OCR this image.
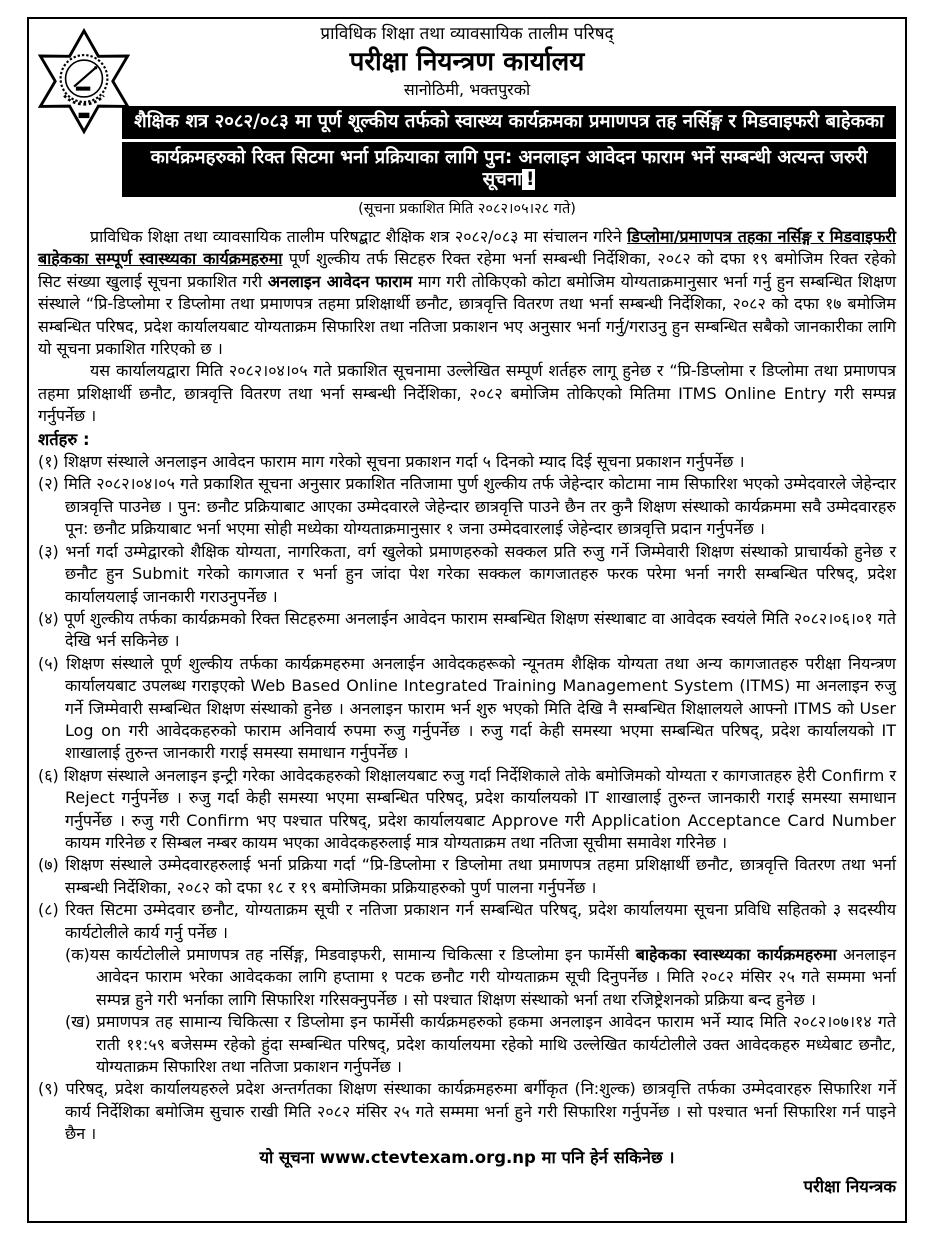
प्राविधिक शिक्षा तथा व्यावसायिक तालीम परिषद्
परीक्षा नियन्त्रण कार्यालय
सानोठिमी, भक्तपुरको
शैक्षिक शत्र २०८२/०८३ मा पूर्ण शूल्कीय तर्फको स्वास्थ्य कार्यक्रमका प्रमाणपत्र तह नर्सिङ्ग र मिडवाइफरी बाहेकका
कार्यक्रमहरुको रिक्त सिटमा भर्ना प्रक्रियाका लागि पुन: अनलाइन आवेदन फाराम भर्ने सम्बन्धी अत्यन्त जरुरी सूचना !
(सूचना प्रकाशित मिति २०८२।०५।२८ गते)

प्राविधिक शिक्षा तथा व्यावसायिक तालीम परिषद्बाट शैक्षिक शत्र २०८२/०८३ मा संचालन गरिने डिप्लोमा/प्रमाणपत्र तहका नर्सिङ्ग र मिडवाइफरी बाहेकका सम्पूर्ण स्वास्थ्यका कार्यक्रमहरुमा पूर्ण शुल्कीय तर्फ सिटहरु रिक्त रहेमा भर्ना सम्बन्धी निर्देशिका, २०८२ को दफा १९ बमोजिम रिक्त रहेको सिट संख्या खुलाई सूचना प्रकाशित गरी अनलाइन आवेदन फाराम माग गरी तोकिएको कोटा बमोजिम योग्यताक्रमानुसार भर्ना गर्नु हुन सम्बन्धित शिक्षण संस्थाले “प्रि-डिप्लोमा र डिप्लोमा तथा प्रमाणपत्र तहमा प्रशिक्षार्थी छनौट, छात्रवृत्ति वितरण तथा भर्ना सम्बन्धी निर्देशिका, २०८२ को दफा १७ बमोजिम सम्बन्धित परिषद, प्रदेश कार्यालयबाट योग्यताक्रम सिफारिश तथा नतिजा प्रकाशन भए अनुसार भर्ना गर्नु/गराउनु हुन सम्बन्धित सबैको जानकारीका लागि यो सूचना प्रकाशित गरिएको छ ।

यस कार्यालयद्वारा मिति २०८२।०४।०५ गते प्रकाशित सूचनामा उल्लेखित सम्पूर्ण शर्तहरु लागू हुनेछ र “प्रि-डिप्लोमा र डिप्लोमा तथा प्रमाणपत्र तहमा प्रशिक्षार्थी छनौट, छात्रवृत्ति वितरण तथा भर्ना सम्बन्धी निर्देशिका, २०८२ बमोजिम तोकिएको मितिमा ITMS Online Entry गरी सम्पन्न गर्नुपर्नेछ ।

शर्तहरु :

(१) शिक्षण संस्थाले अनलाइन आवेदन फाराम माग गरेको सूचना प्रकाशन गर्दा ५ दिनको म्याद दिई सूचना प्रकाशन गर्नुपर्नेछ ।

(२) मिति २०८२।०४।०५ गते प्रकाशित सूचना अनुसार प्रकाशित नतिजामा पुर्ण शुल्कीय तर्फ जेहेन्दार कोटामा नाम सिफारिश भएको उम्मेदवारले जेहेन्दार छात्रवृत्ति पाउनेछ । पुन: छनौट प्रक्रियाबाट आएका उम्मेदवारले जेहेन्दार छात्रवृत्ति पाउने छैन तर कुनै शिक्षण संस्थाको कार्यक्रममा सवै उम्मेदवारहरु पून: छनौट प्रक्रियाबाट भर्ना भएमा सोही मध्येका योग्यताक्रमानुसार १ जना उम्मेदवारलाई जेहेन्दार छात्रवृत्ति प्रदान गर्नुपर्नेछ ।

(३) भर्ना गर्दा उम्मेद्वारको शैक्षिक योग्यता, नागरिकता, वर्ग खुलेको प्रमाणहरुको सक्कल प्रति रुजु गर्ने जिम्मेवारी शिक्षण संस्थाको प्राचार्यको हुनेछ र छनौट हुन Submit गरेको कागजात र भर्ना हुन जांदा पेश गरेका सक्कल कागजातहरु फरक परेमा भर्ना नगरी सम्बन्धित परिषद्, प्रदेश कार्यालयलाई जानकारी गराउनुपर्नेछ ।

(४) पूर्ण शुल्कीय तर्फका कार्यक्रमको रिक्त सिटहरुमा अनलाईन आवेदन फाराम सम्बन्धित शिक्षण संस्थाबाट वा आवेदक स्वयंले मिति २०८२।०६।०१ गते देखि भर्न सकिनेछ ।

(५) शिक्षण संस्थाले पूर्ण शुल्कीय तर्फका कार्यक्रमहरुमा अनलाईन आवेदकहरूको न्यूनतम शैक्षिक योग्यता तथा अन्य कागजातहरु परीक्षा नियन्त्रण कार्यालयबाट उपलब्ध गराइएको Web Based Online Integrated Training Management System (ITMS) मा अनलाइन रुजु गर्ने जिम्मेवारी सम्बन्धित शिक्षण संस्थाको हुनेछ । अनलाइन फाराम भर्न शुरु भएको मिति देखि नै सम्बन्धित शिक्षालयले आफ्नो ITMS को User Log on गरी आवेदकहरुको फाराम अनिवार्य रुपमा रुजु गर्नुपर्नेछ । रुजु गर्दा केही समस्या भएमा सम्बन्धित परिषद्, प्रदेश कार्यालयको IT शाखालाई तुरुन्त जानकारी गराई समस्या समाधान गर्नुपर्नेछ ।

(६) शिक्षण संस्थाले अनलाइन इन्ट्री गरेका आवेदकहरुको शिक्षालयबाट रुजु गर्दा निर्देशिकाले तोके बमोजिमको योग्यता र कागजातहरु हेरी Confirm र Reject गर्नुपर्नेछ । रुजु गर्दा केही समस्या भएमा सम्बन्धित परिषद्, प्रदेश कार्यालयको IT शाखालाई तुरुन्त जानकारी गराई समस्या समाधान गर्नुपर्नेछ । रुजु गरी Confirm भए पश्चात परिषद्, प्रदेश कार्यालयबाट Approve गरी Application Acceptance Card Number कायम गरिनेछ र सिम्बल नम्बर कायम भएका आवेदकहरुलाई मात्र योग्यताक्रम तथा नतिजा सूचीमा समावेश गरिनेछ ।

(७) शिक्षण संस्थाले उम्मेदवारहरुलाई भर्ना प्रक्रिया गर्दा “प्रि-डिप्लोमा र डिप्लोमा तथा प्रमाणपत्र तहमा प्रशिक्षार्थी छनौट, छात्रवृत्ति वितरण तथा भर्ना सम्बन्धी निर्देशिका, २०८२ को दफा १८ र १९ बमोजिमका प्रक्रियाहरुको पुर्ण पालना गर्नुपर्नेछ ।

(८) रिक्त सिटमा उम्मेदवार छनौट, योग्यताक्रम सूची र नतिजा प्रकाशन गर्न सम्बन्धित परिषद्, प्रदेश कार्यालयमा सूचना प्रविधि सहितको ३ सदस्यीय कार्यटोलीले कार्य गर्नु पर्नेछ ।

(क)यस कार्यटोलीले प्रमाणपत्र तह नर्सिङ्ग, मिडवाइफरी, सामान्य चिकित्सा र डिप्लोमा इन फार्मेसी बाहेकका स्वास्थ्यका कार्यक्रमहरुमा अनलाइन आवेदन फाराम भरेका आवेदकका लागि हप्तामा १ पटक छनौट गरी योग्यताक्रम सूची दिनुपर्नेछ । मिति २०८२ मंसिर २५ गते सम्ममा भर्ना सम्पन्न हुने गरी भर्नाका लागि सिफारिश गरिसक्नुपर्नेछ । सो पश्चात शिक्षण संस्थाको भर्ना तथा रजिष्ट्रेशनको प्रक्रिया बन्द हुनेछ ।

(ख) प्रमाणपत्र तह सामान्य चिकित्सा र डिप्लोमा इन फार्मेसी कार्यक्रमहरुको हकमा अनलाइन आवेदन फाराम भर्ने म्याद मिति २०८२।०७।१४ गते राती ११:५९ बजेसम्म रहेको हुंदा सम्बन्धित परिषद्, प्रदेश कार्यालयमा रहेको माथि उल्लेखित कार्यटोलीले उक्त आवेदकहरु मध्येबाट छनौट, योग्यताक्रम सिफारिश तथा नतिजा प्रकाशन गर्नुपर्नेछ ।

(९) परिषद्, प्रदेश कार्यालयहरुले प्रदेश अन्तर्गतका शिक्षण संस्थाका कार्यक्रमहरुमा बर्गीकृत (नि:शुल्क) छात्रवृत्ति तर्फका उम्मेदवारहरु सिफारिश गर्ने कार्य निर्देशिका बमोजिम सुचारु राखी मिति २०८२ मंसिर २५ गते सम्ममा भर्ना हुने गरी सिफारिश गर्नुपर्नेछ । सो पश्चात भर्ना सिफारिश गर्न पाइने छैन ।

यो सूचना www.ctevtexam.org.np मा पनि हेर्न सकिनेछ ।
परीक्षा नियन्त्रक
